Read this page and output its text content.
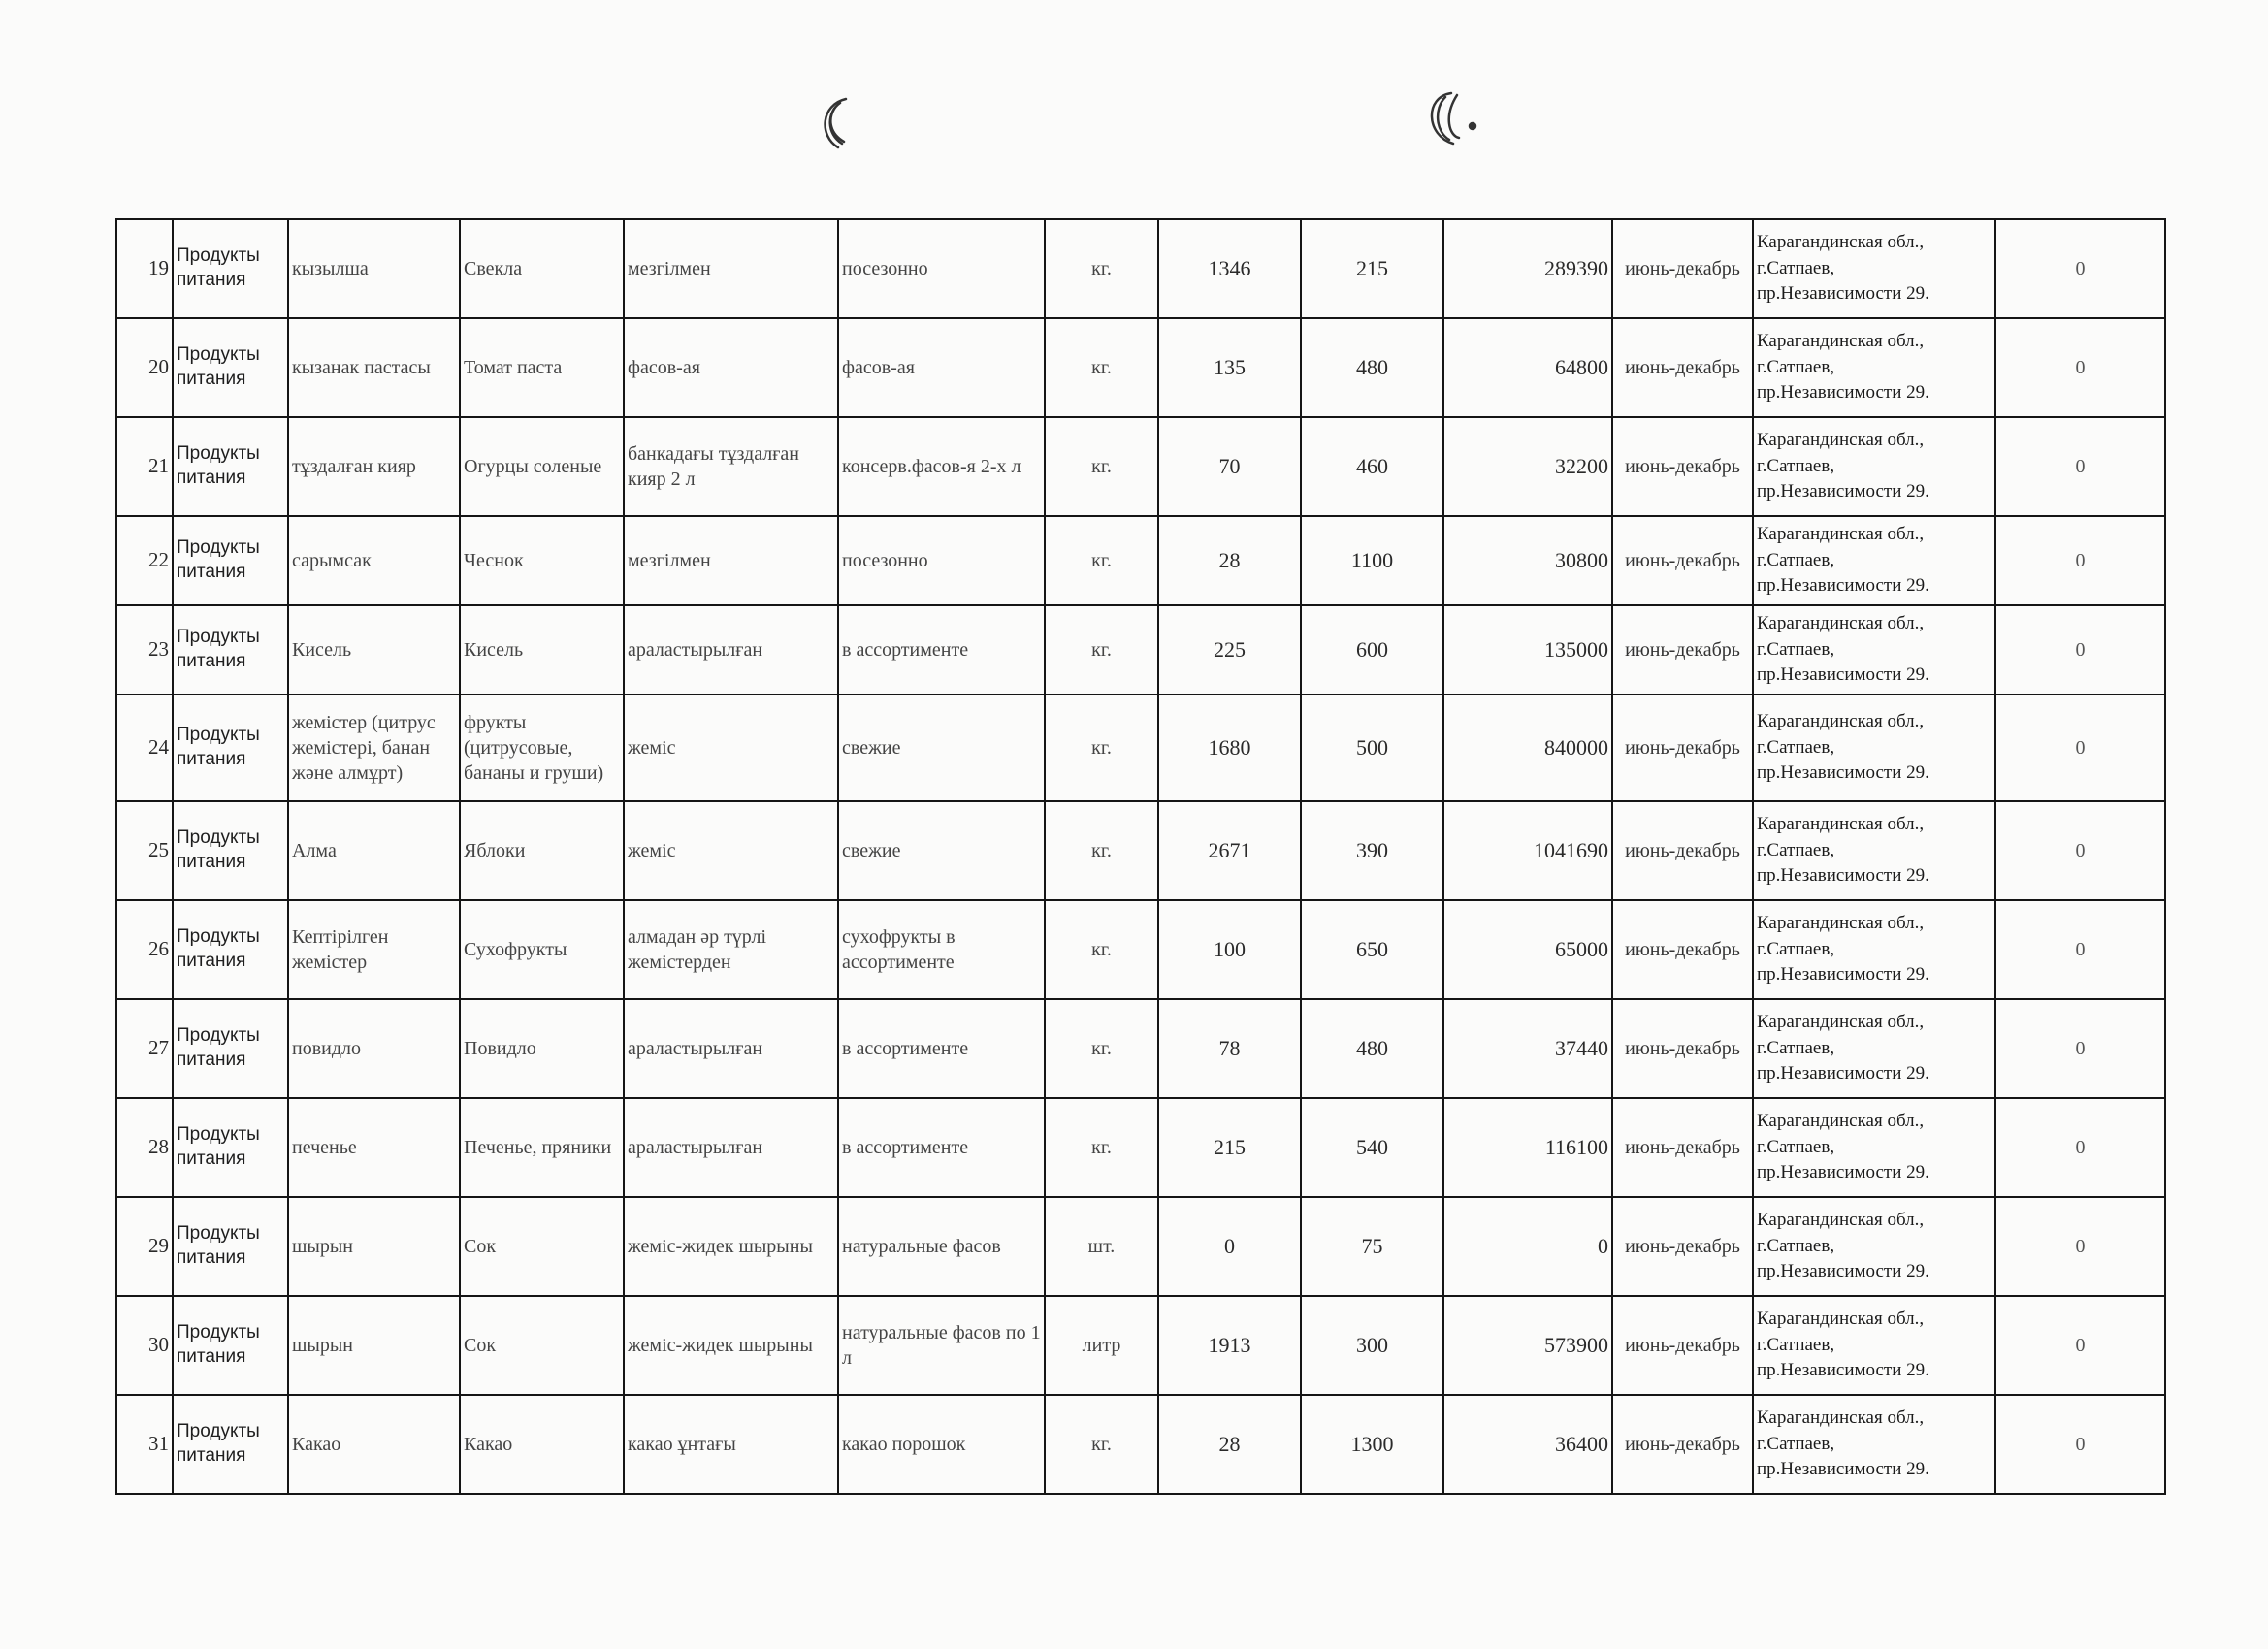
19	Продукты питания	кызылша	Свекла	мезгілмен	посезонно	кг.	1346	215	289390	июнь-декабрь	Карагандинская обл.,
г.Сатпаев,
пр.Независимости 29.	0
20	Продукты питания	кызанак пастасы	Томат паста	фасов-ая	фасов-ая	кг.	135	480	64800	июнь-декабрь	Карагандинская обл.,
г.Сатпаев,
пр.Независимости 29.	0
21	Продукты питания	тұздалған кияр	Огурцы соленые	банкадағы тұздалған кияр 2 л	консерв.фасов-я 2-х л	кг.	70	460	32200	июнь-декабрь	Карагандинская обл.,
г.Сатпаев,
пр.Независимости 29.	0
22	Продукты питания	сарымсак	Чеснок	мезгілмен	посезонно	кг.	28	1100	30800	июнь-декабрь	Карагандинская обл.,
г.Сатпаев,
пр.Независимости 29.	0
23	Продукты питания	Кисель	Кисель	араластырылған	в ассортименте	кг.	225	600	135000	июнь-декабрь	Карагандинская обл.,
г.Сатпаев,
пр.Независимости 29.	0
24	Продукты питания	жемістер (цитрус жемістері, банан және алмұрт)	фрукты (цитрусовые, бананы и груши)	жеміс	свежие	кг.	1680	500	840000	июнь-декабрь	Карагандинская обл.,
г.Сатпаев,
пр.Независимости 29.	0
25	Продукты питания	Алма	Яблоки	жеміс	свежие	кг.	2671	390	1041690	июнь-декабрь	Карагандинская обл.,
г.Сатпаев,
пр.Независимости 29.	0
26	Продукты питания	Кептірілген жемістер	Сухофрукты	алмадан әр түрлі жемістерден	сухофрукты в ассортименте	кг.	100	650	65000	июнь-декабрь	Карагандинская обл.,
г.Сатпаев,
пр.Независимости 29.	0
27	Продукты питания	повидло	Повидло	араластырылған	в ассортименте	кг.	78	480	37440	июнь-декабрь	Карагандинская обл.,
г.Сатпаев,
пр.Независимости 29.	0
28	Продукты питания	печенье	Печенье, пряники	араластырылған	в ассортименте	кг.	215	540	116100	июнь-декабрь	Карагандинская обл.,
г.Сатпаев,
пр.Независимости 29.	0
29	Продукты питания	шырын	Сок	жеміс-жидек шырыны	натуральные фасов	шт.	0	75	0	июнь-декабрь	Карагандинская обл.,
г.Сатпаев,
пр.Независимости 29.	0
30	Продукты питания	шырын	Сок	жеміс-жидек шырыны	натуральные фасов по 1 л	литр	1913	300	573900	июнь-декабрь	Карагандинская обл.,
г.Сатпаев,
пр.Независимости 29.	0
31	Продукты питания	Какао	Какао	какао ұнтағы	какао порошок	кг.	28	1300	36400	июнь-декабрь	Карагандинская обл.,
г.Сатпаев,
пр.Независимости 29.	0
